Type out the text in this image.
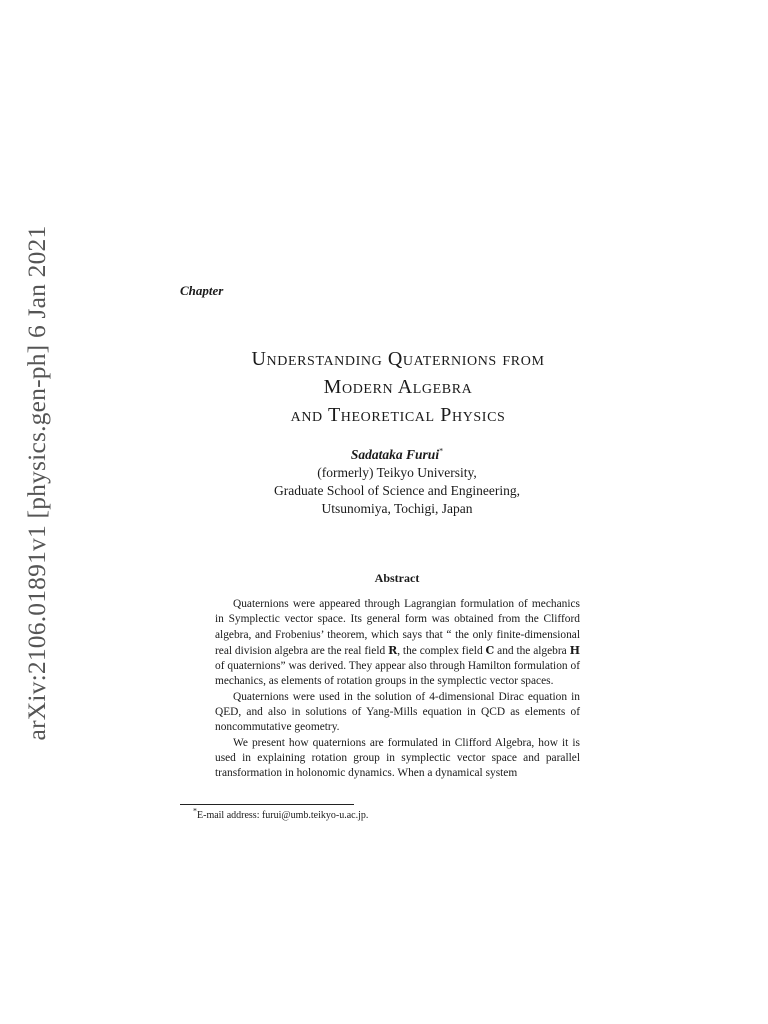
arXiv:2106.01891v1 [physics.gen-ph] 6 Jan 2021	Chapter
Understanding Quaternions from
Modern Algebra
and Theoretical Physics
Sadataka Furui*
(formerly) Teikyo University,
Graduate School of Science and Engineering,
Utsunomiya, Tochigi, Japan
Abstract

Quaternions were appeared through Lagrangian formulation of mechanics in Symplectic vector space. Its general form was obtained from the Clifford algebra, and Frobenius’ theorem, which says that “ the only finite-dimensional real division algebra are the real field R, the complex field C and the algebra H of quaternions” was derived. They appear also through Hamilton formulation of mechanics, as elements of rotation groups in the symplectic vector spaces.

Quaternions were used in the solution of 4-dimensional Dirac equation in QED, and also in solutions of Yang-Mills equation in QCD as elements of noncommutative geometry.

We present how quaternions are formulated in Clifford Algebra, how it is used in explaining rotation group in symplectic vector space and parallel transformation in holonomic dynamics. When a dynamical system

*E-mail address: furui@umb.teikyo-u.ac.jp.
